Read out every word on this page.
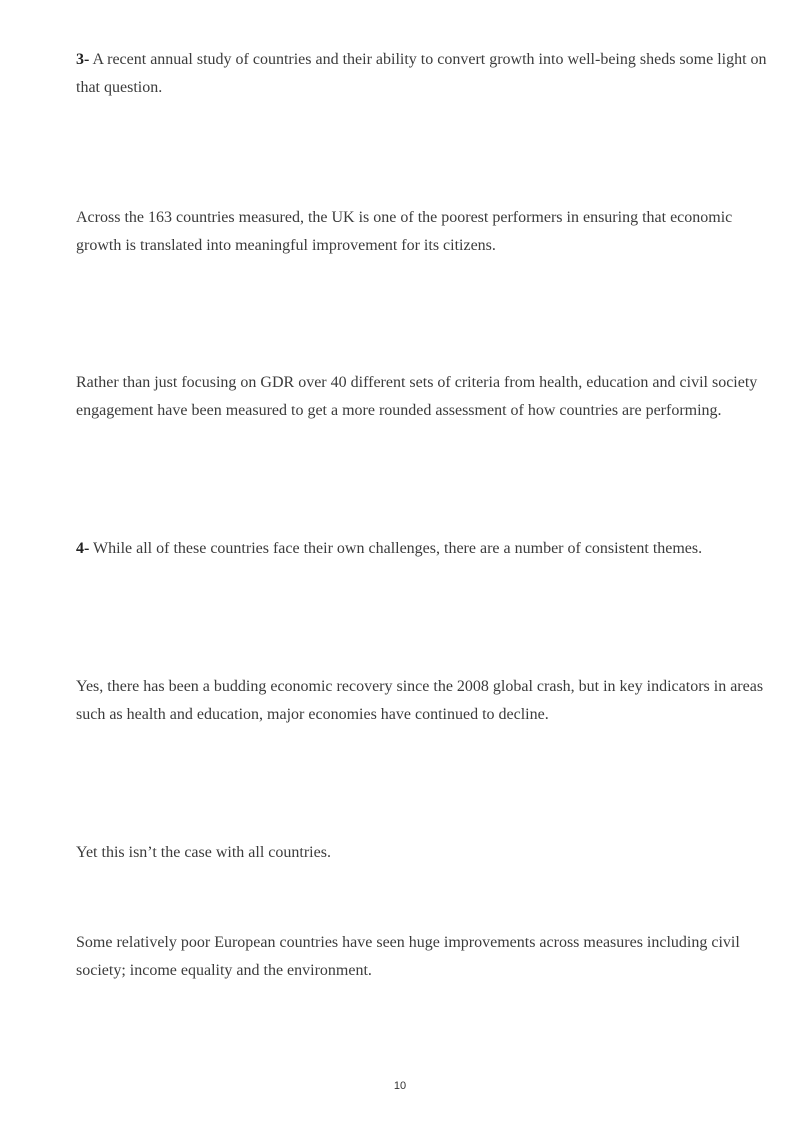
3- A recent annual study of countries and their ability to convert growth into well-being sheds some light on that question.

Across the 163 countries measured, the UK is one of the poorest performers in ensuring that economic growth is translated into meaningful improvement for its citizens.

Rather than just focusing on GDR over 40 different sets of criteria from health, education and civil society engagement have been measured to get a more rounded assessment of how countries are performing.

4- While all of these countries face their own challenges, there are a number of consistent themes.

Yes, there has been a budding economic recovery since the 2008 global crash, but in key indicators in areas such as health and education, major economies have continued to decline.

Yet this isn’t the case with all countries.

Some relatively poor European countries have seen huge improvements across measures including civil society; income equality and the environment.

10
